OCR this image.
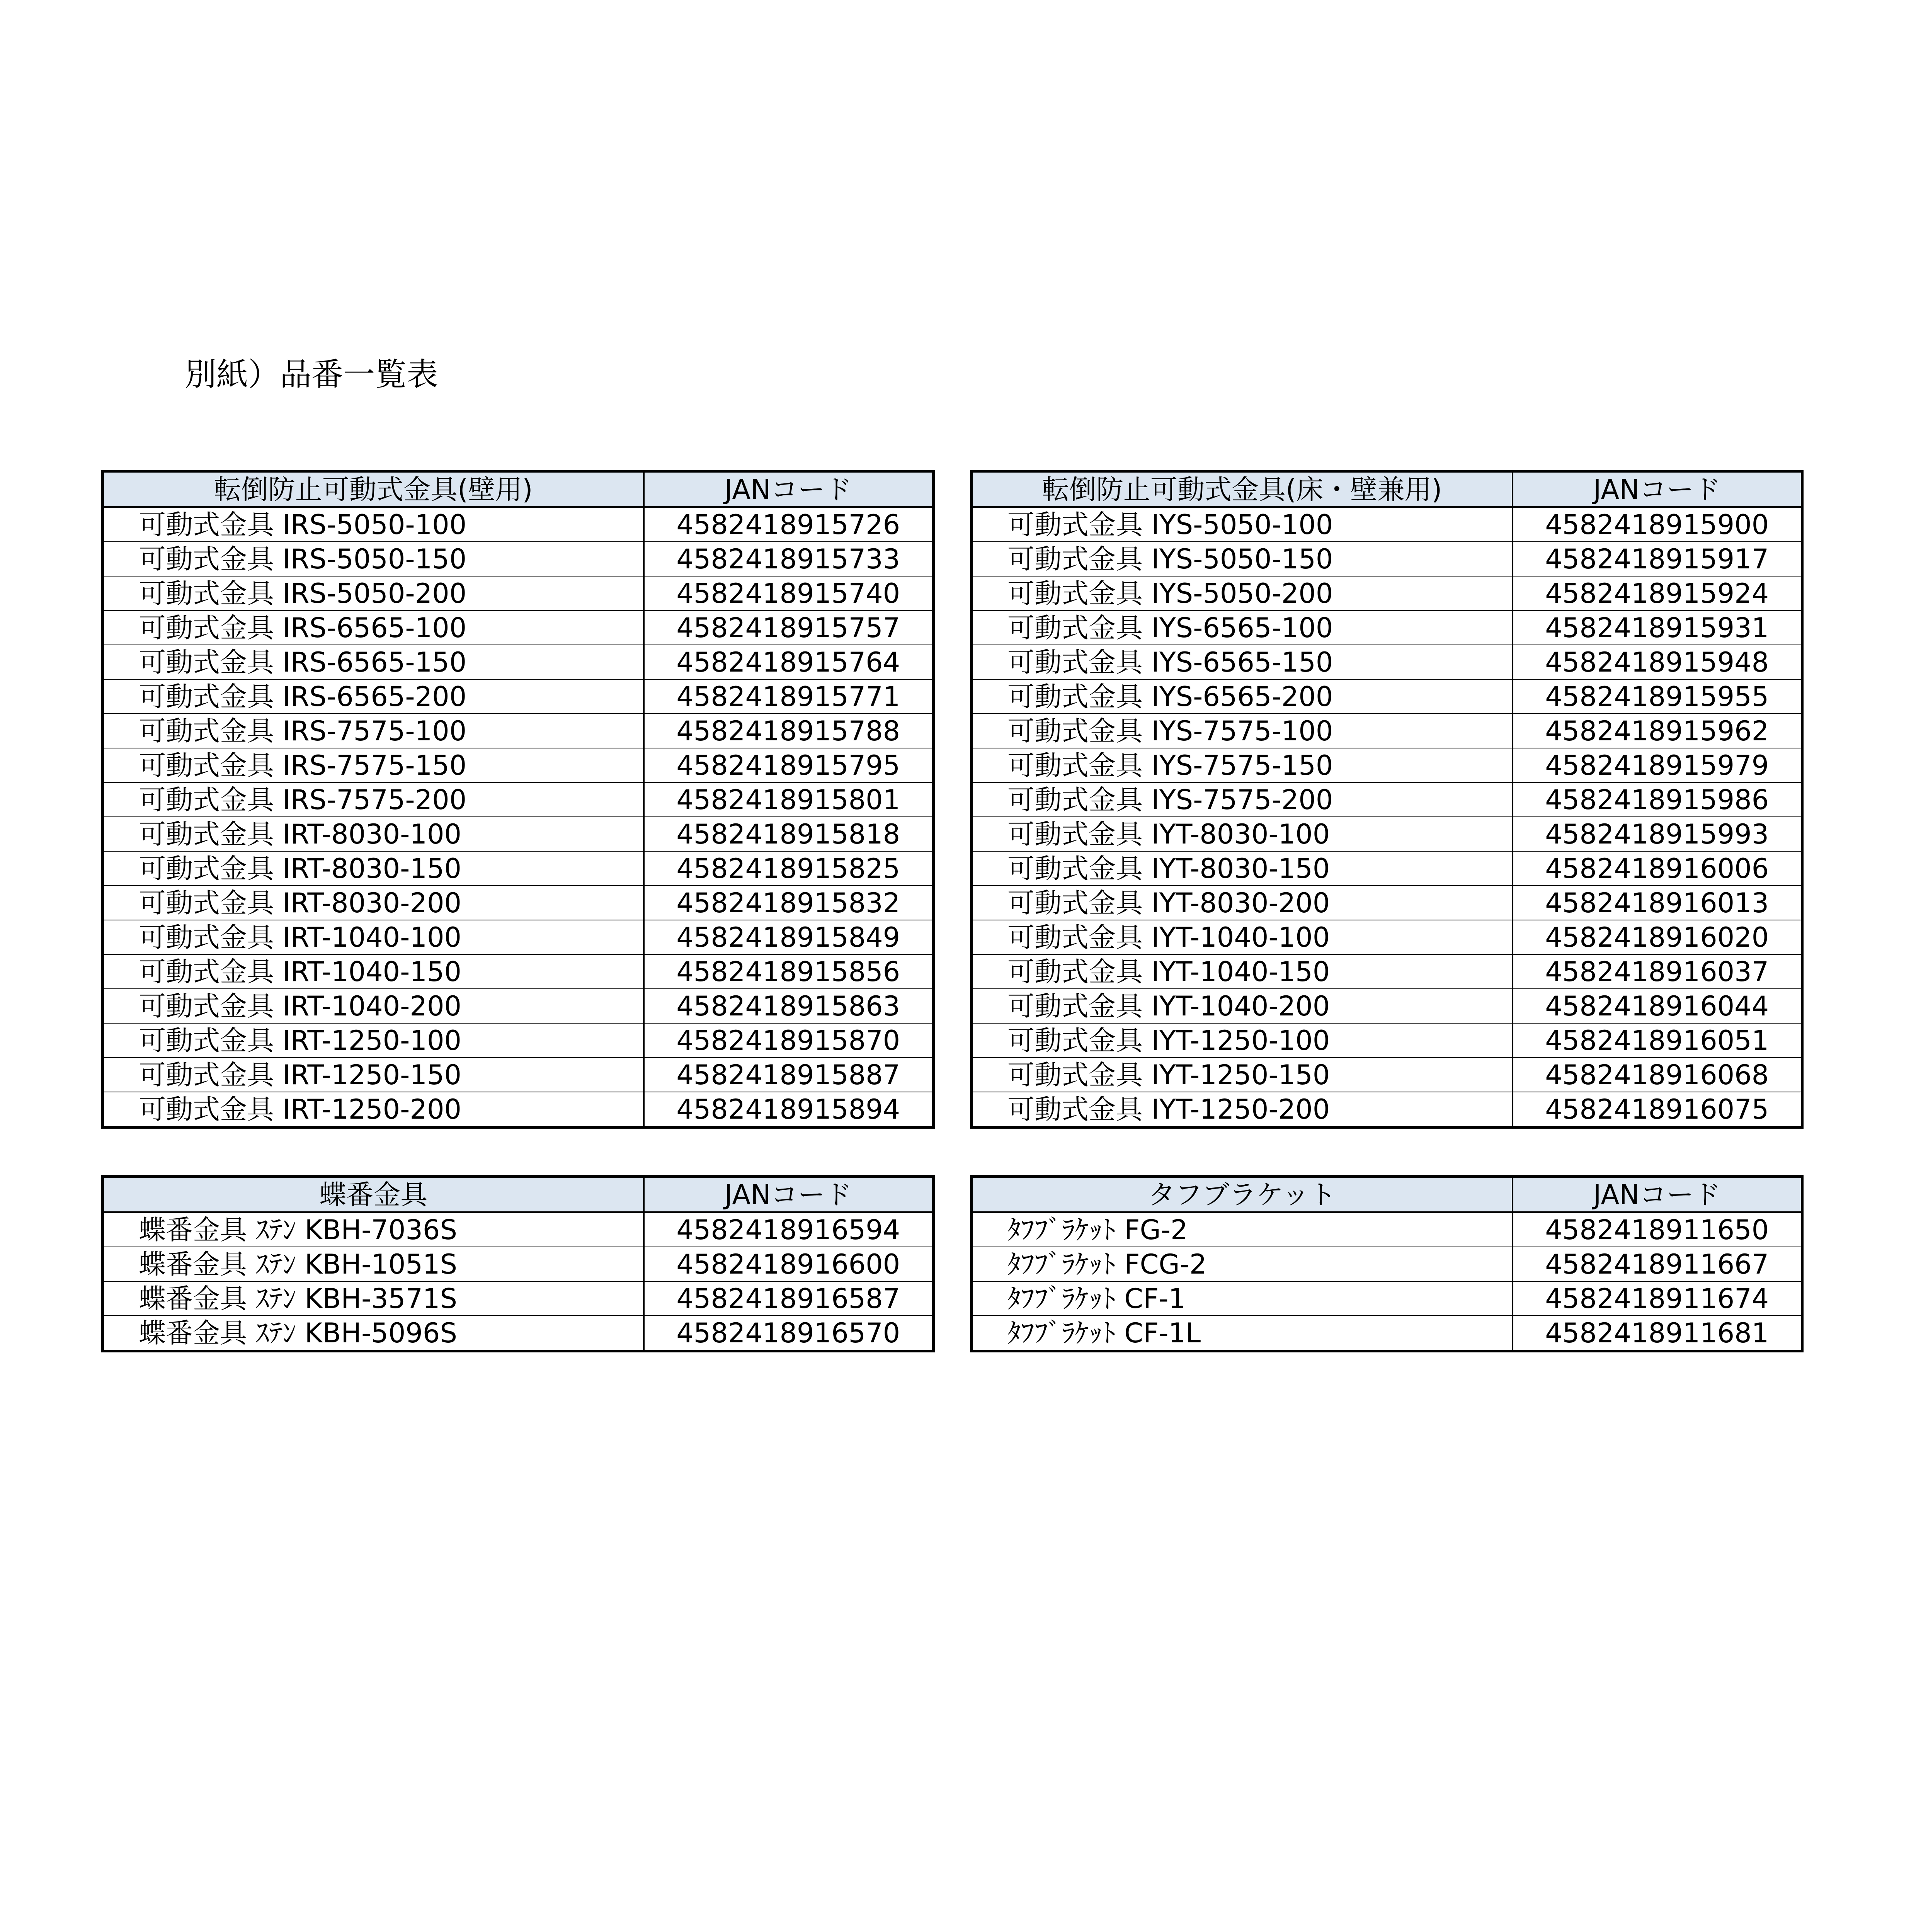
別紙）品番一覧表
転倒防止可動式金具(壁用)	JANコード
可動式金具 IRS-5050-100	4582418915726
可動式金具 IRS-5050-150	4582418915733
可動式金具 IRS-5050-200	4582418915740
可動式金具 IRS-6565-100	4582418915757
可動式金具 IRS-6565-150	4582418915764
可動式金具 IRS-6565-200	4582418915771
可動式金具 IRS-7575-100	4582418915788
可動式金具 IRS-7575-150	4582418915795
可動式金具 IRS-7575-200	4582418915801
可動式金具 IRT-8030-100	4582418915818
可動式金具 IRT-8030-150	4582418915825
可動式金具 IRT-8030-200	4582418915832
可動式金具 IRT-1040-100	4582418915849
可動式金具 IRT-1040-150	4582418915856
可動式金具 IRT-1040-200	4582418915863
可動式金具 IRT-1250-100	4582418915870
可動式金具 IRT-1250-150	4582418915887
可動式金具 IRT-1250-200	4582418915894
転倒防止可動式金具(床・壁兼用)	JANコード
可動式金具 IYS-5050-100	4582418915900
可動式金具 IYS-5050-150	4582418915917
可動式金具 IYS-5050-200	4582418915924
可動式金具 IYS-6565-100	4582418915931
可動式金具 IYS-6565-150	4582418915948
可動式金具 IYS-6565-200	4582418915955
可動式金具 IYS-7575-100	4582418915962
可動式金具 IYS-7575-150	4582418915979
可動式金具 IYS-7575-200	4582418915986
可動式金具 IYT-8030-100	4582418915993
可動式金具 IYT-8030-150	4582418916006
可動式金具 IYT-8030-200	4582418916013
可動式金具 IYT-1040-100	4582418916020
可動式金具 IYT-1040-150	4582418916037
可動式金具 IYT-1040-200	4582418916044
可動式金具 IYT-1250-100	4582418916051
可動式金具 IYT-1250-150	4582418916068
可動式金具 IYT-1250-200	4582418916075
蝶番金具	JANコード
蝶番金具 ｽﾃﾝ KBH-7036S	4582418916594
蝶番金具 ｽﾃﾝ KBH-1051S	4582418916600
蝶番金具 ｽﾃﾝ KBH-3571S	4582418916587
蝶番金具 ｽﾃﾝ KBH-5096S	4582418916570
タフブラケット	JANコード
ﾀﾌﾌﾞﾗｹｯﾄ FG-2	4582418911650
ﾀﾌﾌﾞﾗｹｯﾄ FCG-2	4582418911667
ﾀﾌﾌﾞﾗｹｯﾄ CF-1	4582418911674
ﾀﾌﾌﾞﾗｹｯﾄ CF-1L	4582418911681
